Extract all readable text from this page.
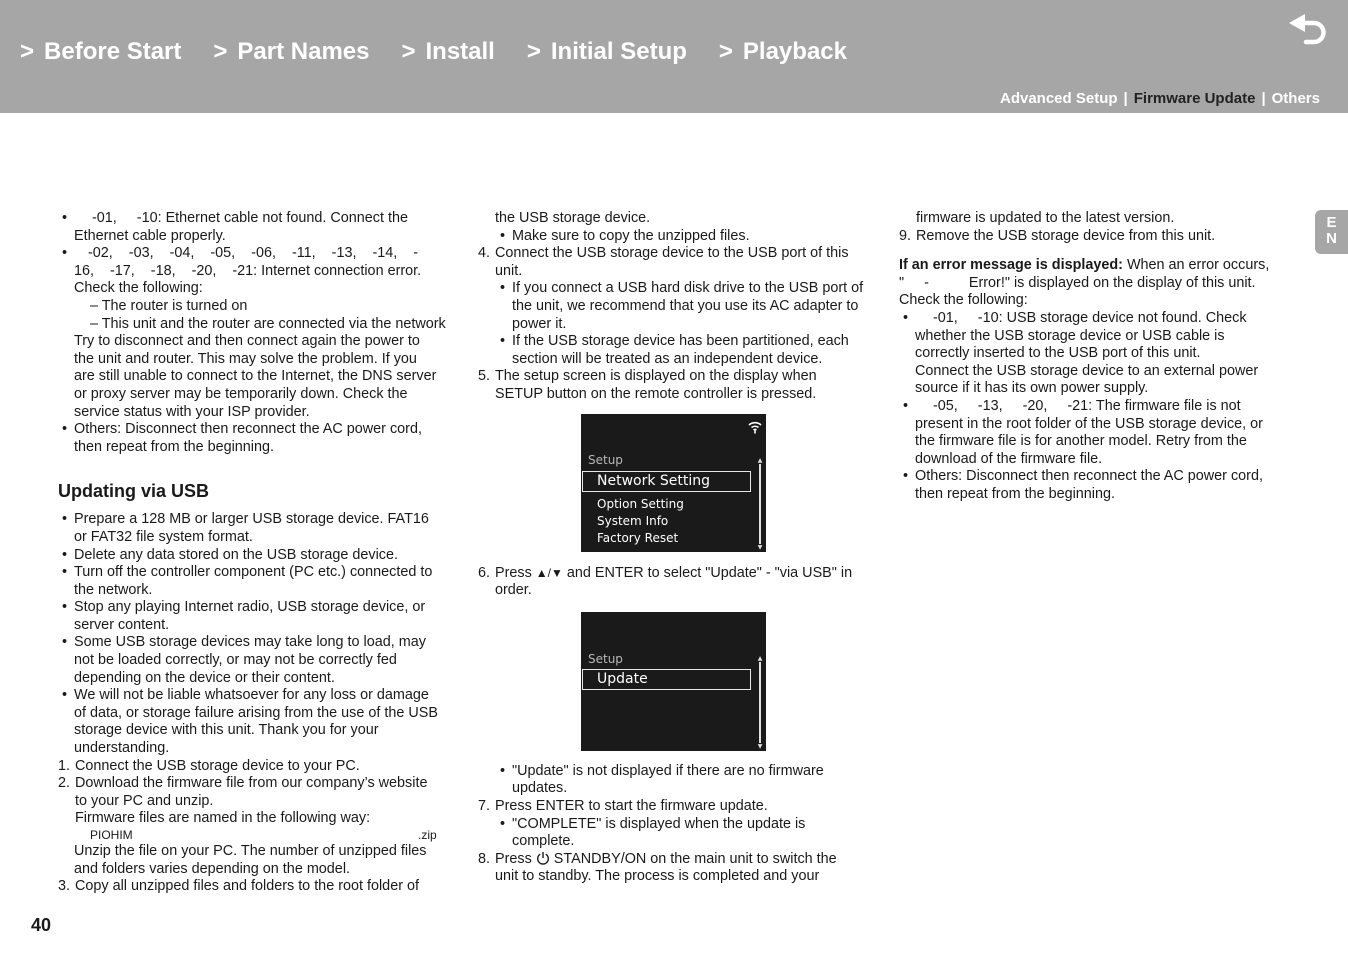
> Before Start > Part Names > Install > Initial Setup > Playback
Advanced Setup | Firmware Update | Others
E
N

• -01,     -10: Ethernet cable not found. Connect the

Ethernet cable properly.

• -02,    -03,    -04,    -05,    -06,    -11,    -13,    -14,    -

16,    -17,    -18,    -20,    -21: Internet connection error.

Check the following:

– The router is turned on

– This unit and the router are connected via the network

Try to disconnect and then connect again the power to

the unit and router. This may solve the problem. If you

are still unable to connect to the Internet, the DNS server

or proxy server may be temporarily down. Check the

service status with your ISP provider.

• Others: Disconnect then reconnect the AC power cord,

then repeat from the beginning.

Updating via USB

• Prepare a 128 MB or larger USB storage device. FAT16

or FAT32 file system format.

• Delete any data stored on the USB storage device.

• Turn off the controller component (PC etc.) connected to

the network.

• Stop any playing Internet radio, USB storage device, or

server content.

• Some USB storage devices may take long to load, may

not be loaded correctly, or may not be correctly fed

depending on the device or their content.

• We will not be liable whatsoever for any loss or damage

of data, or storage failure arising from the use of the USB

storage device with this unit. Thank you for your

understanding.

1. Connect the USB storage device to your PC.

2. Download the firmware file from our company’s website

to your PC and unzip.

Firmware files are named in the following way:

PIOHIM	.zip

Unzip the file on your PC. The number of unzipped files

and folders varies depending on the model.

3. Copy all unzipped files and folders to the root folder of

the USB storage device.

• Make sure to copy the unzipped files.

4. Connect the USB storage device to the USB port of this

unit.

• If you connect a USB hard disk drive to the USB port of

the unit, we recommend that you use its AC adapter to

power it.

• If the USB storage device has been partitioned, each

section will be treated as an independent device.

5. The setup screen is displayed on the display when

SETUP button on the remote controller is pressed.

Setup
Network Setting
Option Setting
System Info
Factory Reset
▲
▼
6. Press ▲/▼ and ENTER to select "Update" - "via USB" in

order.

Setup
Update
▲
▼

• "Update" is not displayed if there are no firmware

updates.

7. Press ENTER to start the firmware update.

• "COMPLETE" is displayed when the update is

complete.

8. Press  STANDBY/ON on the main unit to switch the

unit to standby. The process is completed and your

firmware is updated to the latest version.

9. Remove the USB storage device from this unit.

If an error message is displayed: When an error occurs,

"     -          Error!" is displayed on the display of this unit.

Check the following:

• -01,     -10: USB storage device not found. Check

whether the USB storage device or USB cable is

correctly inserted to the USB port of this unit.

Connect the USB storage device to an external power

source if it has its own power supply.

• -05,     -13,     -20,     -21: The firmware file is not

present in the root folder of the USB storage device, or

the firmware file is for another model. Retry from the

download of the firmware file.

• Others: Disconnect then reconnect the AC power cord,

then repeat from the beginning.

40
